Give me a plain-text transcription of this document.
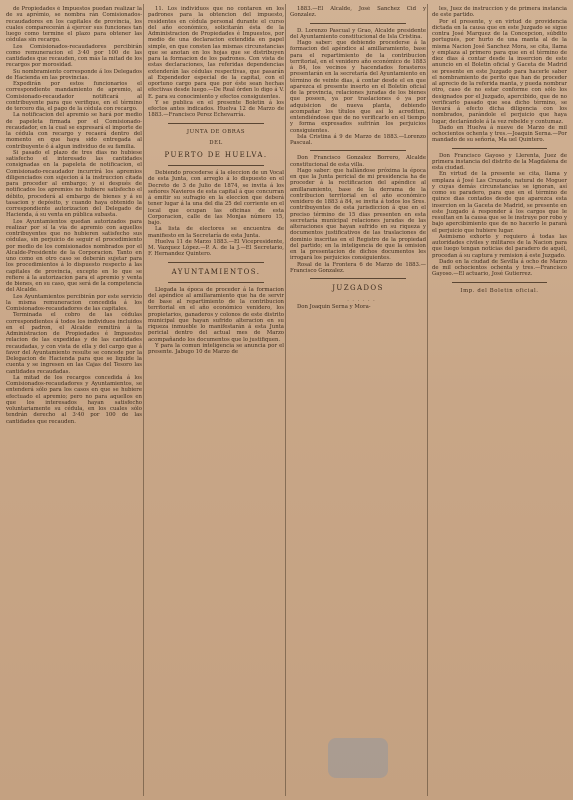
de Propiedades é Impuestos puedan realizar la de su aprémio, se nombra rán Comisionados-recaudadores en los capitales de provincia, los cuales comparecerán á ejercer sus funciones tan luego como termine el plazo para obtener las cédulas sin recargo.

Los Comisionados-recaudadores percibirán como remuneracion el 3·40 por 100 de las cantidades que recauden, con más la mitad de los recargos por morosidad.

Su nombramiento corresponde á los Delegados de Hacienda en las provincias.

Expedirán por estos funcionarios el correspondiente mandamiento de apremio, al Comisionado-recaudador notificará al contribuyente para que verifique, en el término de tercero dia, el pago de la cédula con recargo.

La notificacion del apremio se hará por medio de papeleta firmada por el Comisionado-recaudador, en la cual se expresará el importe de la cédula con recargo y recaerá dentro del momento en que haya sido entregada al contribuyente ó á algun individuo de su familia.

Si pasado el plazo de tres dias no hubiese satisfecho el interesado las cantidades consignadas en la papeleta de notificacion, el Comisionado-recaudador incurrirá los apremios diligenciados con sujecion á la instruccion citada para proceder al embargo; y si después de notificados los apremios no hubiere satisfecho el débito, procederá al embargo de bienes y á su tasacion y depósito, y cuando haya obtenido la correspondiente autorizacion del Delegado de Hacienda, á su venta en pública subasta.

Los Ayuntamientos quedan autorizados para realizar por sí la via de apremio con aquellos contribuyentes que no hubieren satisfecho sus cédulas, sin perjuicio de seguir el procedimiento por medio de los comisionados nombrados por el Alcalde-Presidente de la Corporacion. Tanto en uno como en otro caso se deberán sujetar para los procedimientos á lo dispuesto respecto á las capitales de provincia, excepto en lo que se refiere á la autorizacion para el apremio y venta de bienes, en su caso, que será de la competencia del Alcalde.

Los Ayuntamientos percibirán por este servicio la misma remuneracion concedida á los Comisionados-recaudadores de las capitales.

Terminada el cobro de las cédulas correspondientes á todos los individuos incluidos en el padron, el Alcalde remitirá á la Administracion de Propiedades é Impuestos relacion de las expedidas y de las cantidades recaudadas, y con vista de ella y del cargo que á favor del Ayuntamiento resulte se concede por la Delegacion de Hacienda para que se liquide la cuenta y se ingresen en las Cajas del Tesoro las cantidades recaudadas.

La mitad de los recargos concedida á los Comisionados-recaudadores y Ayuntamientos, se entenderá sólo para los casos en que se hubiere efectuado el apremio; pero no para aquellos en que los interesados hayan satisfecho voluntariamente su cédula, en los cuales sólo tendrán derecho al 3·40 por 100 de las cantidades que recauden.

11. Los individuos que no contaren en los padrones para la obtencion del impuesto, residentes en cédula personal durante el curso del año económico, solicitarán ésta de la Administracion de Propiedades é Impuestos, por medio de una declaracion extendida en papel simple, en que consten las mismas circunstancias que se anotan en los hojas que se distribuyen para la formacion de los padrones. Con vista de estas declaraciones, las referidas dependencias extenderán las cédulas respectivas, que pasarán al Expendedor especial de la capital, con el oportuno cargo para que por éste sean hechas efectivas desde luego.—De Real órden lo digo á V. E. para su conocimiento y efectos consiguientes.

Y se publica en el presente Boletin á los efectos antes indicados. Huelva 12 de Marzo de 1883.—Francisco Perez Echevarría.

JUNTA DE OBRAS

DEL

PUERTO DE HUELVA.

Debiendo procederse á la eleccion de un Vocal de esta Junta, con arreglo á lo dispuesto en el Decreto de 3 de Julio de 1874, se invita á los señores Navieros de esta capital á que concurran á emitir su sufragio en la eleccion que deberá tener lugar á la una del dia 25 del corriente en el local que ocupan las oficinas de esta Corporacion, calle de las Monjas número 15, bajo.

La lista de electores se encuentra de manifiesto en la Secretaría de esta Junta.

Huelva 11 de Marzo 1883.—El Vicepresidente, M. Vazquez López.—P. A. de la J.—El Secretario, F. Hernandez Quintero.

AYUNTAMIENTOS.

Llegada la época de proceder á la formacion del apéndice al amillaramiento que ha de servir de base al repartimiento de la contribucion territorial en el año económico venidero, los propietarios, ganaderos y colonos de este distrito municipal que hayan sufrido alteracion en su riqueza inmueble lo manifestarán á esta Junta pericial dentro del actual mes de Marzo acompañando los documentos que lo justifiquen.

Y para la comun inteligencia se anuncia por el presente. Jabugo 10 de Marzo de

1883.—El Alcalde, José Sanchez Cid y Gonzalez.

D. Lorenzo Pascual y Grao, Alcalde presidente del Ayuntamiento constitucional de Isla Cristina.

Hago saber: que debiendo procederse á la formacion del apéndice al amillaramiento, base para el repartimiento de la contribucion territorial, en el venidero año económico de 1883 á 84, los vecinos y hacendados forasteros presentarán en la secretaría del Ayuntamiento en término de veinte dias, á contar desde el en que aparezca el presente inserto en el Boletin oficial de la provincia, relaciones juradas de los bienes que poseen, ya por traslaciones ó ya por adquisicion de nueva planta, debiendo acompañar los títulos que así lo acrediten, entendiéndose que de no verificarlo en el tiempo y forma expresados sufrirán los perjuicios consiguientes.

Isla Cristina á 9 de Marzo de 1883.—Lorenzo Pascual.

Don Francisco Gonzalez Borrero, Alcalde constitucional de esta villa.

Hago saber: que hallándose próxima la época en que la Junta pericial de mi presidencia ha de proceder á la rectificacion del apéndice al amillaramiento, base de la derrama de la contribucion territorial en el año económico venidero de 1883 á 84, se invita á todos los Sres. contribuyentes de esta jurisdiccion á que en el preciso término de 15 dias presenten en esta secretaría municipal relaciones juradas de las alteraciones que hayan sufrido en su riqueza y documentos justificativos de las traslaciones de dominio inscritas en el Registro de la propiedad del partido; en la inteligencia de que la omision en la presentacion de dichos documentos les irrogará los perjuicios consiguientes.

Rosal de la Frontera 6 de Marzo de 1883.—Francisco Gonzalez.

JUZGADOS

· · · · · ·

Don Joaquin Serna y Mora-

les, Juez de instruccion y de primera instancia de este partido.

Por el presente, y en virtud de providencia dictada en la causa que en este Juzgado se sigue contra José Marquez de la Concepcion, súbdito portugués, por hurto de una manta al de la misma Nacion José Sanchez Mora, se cita, llama y emplaza al primero para que en el término de diez dias á contar desde la insercion de este anuncio en el Boletin oficial y Gaceta de Madrid se presente en este Juzgado para hacerle saber el nombramiento de perito que han de proceder al aprecio de la referida manta, y pueda nombrar otro, caso de no estar conforme con sólo los designados por el Juzgado, apercibido, que de no verificarlo pasado que sea dicho término, se llevará á efecto dicha diligencia con los nombrados, parándole el perjuicio que haya lugar, declarándole á la vez rebelde y contumaz.

Dado en Huelva á nueve de Marzo de mil ochocientos ochenta y tres.—Joaquin Serna.—Por mandado de su señoría, Ma uel Quintero.

Don Francisco Gayoso y Llerenta, Juez de primera instancia del distrito de la Magdalena de esta ciudad.

En virtud de la presente se cita, llama y emplaza á José Las Cruzado, natural de Moguer y cuyas demás circunstancias se ignoran, así como su paradero, para que en el término de quince dias contados desde que aparezca esta insercion en la Gaceta de Madrid, se presente en este Juzgado á responder á los cargos que le resultan en la causa que se le instruye por robo y bajo apercibimiento que de no hacerlo le parará el perjuicio que hubiere lugar.

Asimismo exhorto y requiero á todas las autoridades civiles y militares de la Nacion para que luego tengan noticias del paradero de aquél, procedan á su captura y remision á este Juzgado.

Dado en la ciudad de Sevilla á ocho de Marzo de mil ochocientos ochenta y tres.—Francisco Gayoso.—El actuario, José Gutierrez.

Imp. del Boletin oficial.
